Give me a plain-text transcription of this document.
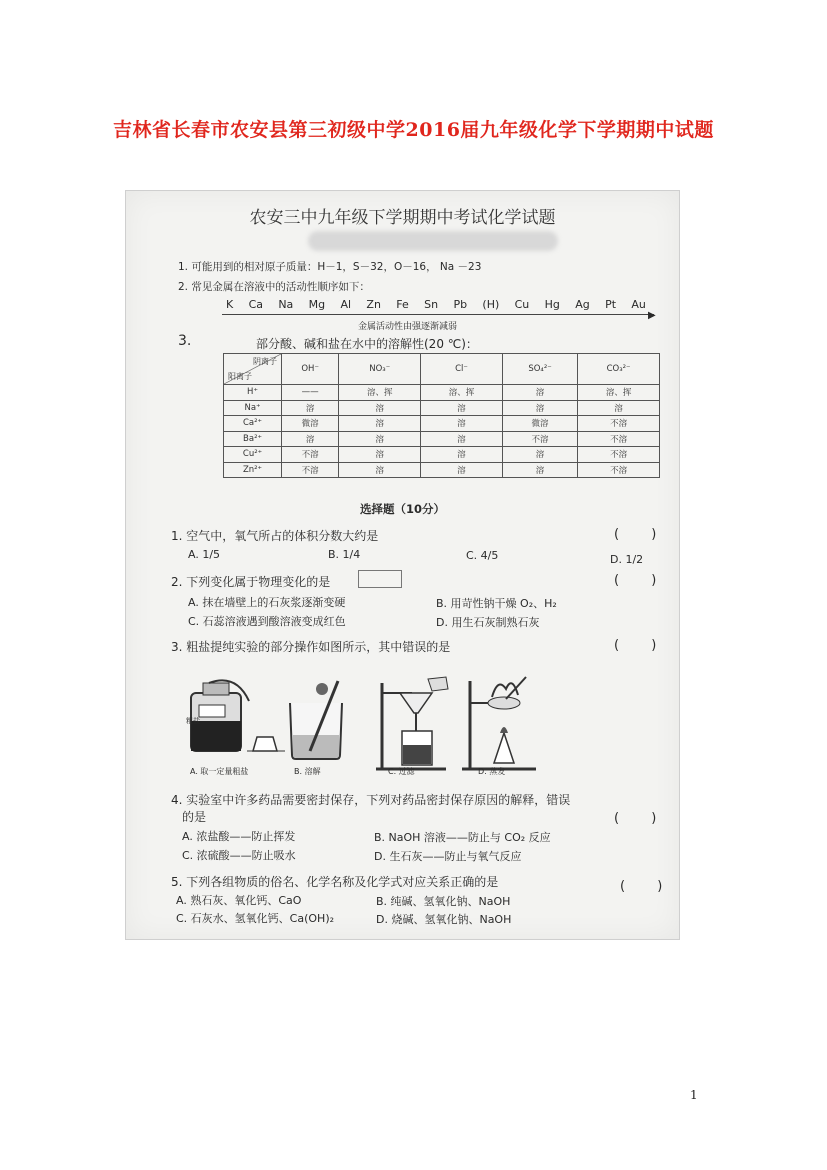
吉林省长春市农安县第三初级中学2016届九年级化学下学期期中试题
农安三中九年级下学期期中考试化学试题
1. 可能用到的相对原子质量：H－1，S－32，O－16， Na －23
2. 常见金属在溶液中的活动性顺序如下：
K Ca Na Mg Al Zn Fe Sn Pb (H) Cu Hg Ag Pt Au
▶
金属活动性由强逐渐减弱
3.	部分酸、碱和盐在水中的溶解性(20 ℃)：
阴离子
阳离子	OH⁻	NO₃⁻	Cl⁻	SO₄²⁻	CO₃²⁻
H⁺	——	溶、挥	溶、挥	溶	溶、挥
Na⁺	溶	溶	溶	溶	溶
Ca²⁺	微溶	溶	溶	微溶	不溶
Ba²⁺	溶	溶	溶	不溶	不溶
Cu²⁺	不溶	溶	溶	溶	不溶
Zn²⁺	不溶	溶	溶	溶	不溶
选择题（10分）
1. 空气中，氧气所占的体积分数大约是	( )
A. 1/5	B. 1/4	C. 4/5	D. 1/2
2. 下列变化属于物理变化的是	( )
A. 抹在墙壁上的石灰浆逐渐变硬	B. 用苛性钠干燥 O₂、H₂
C. 石蕊溶液遇到酸溶液变成红色	D. 用生石灰制熟石灰
3. 粗盐提纯实验的部分操作如图所示，其中错误的是	( )
粗盐
A. 取一定量粗盐	B. 溶解	C. 过滤	D. 蒸发
4. 实验室中许多药品需要密封保存，下列对药品密封保存原因的解释，错误
的是	( )
A. 浓盐酸——防止挥发	B. NaOH 溶液——防止与 CO₂ 反应
C. 浓硫酸——防止吸水	D. 生石灰——防止与氧气反应
5. 下列各组物质的俗名、化学名称及化学式对应关系正确的是	( )
A. 熟石灰、氧化钙、CaO	B. 纯碱、氢氧化钠、NaOH
C. 石灰水、氢氧化钙、Ca(OH)₂	D. 烧碱、氢氧化钠、NaOH
1
